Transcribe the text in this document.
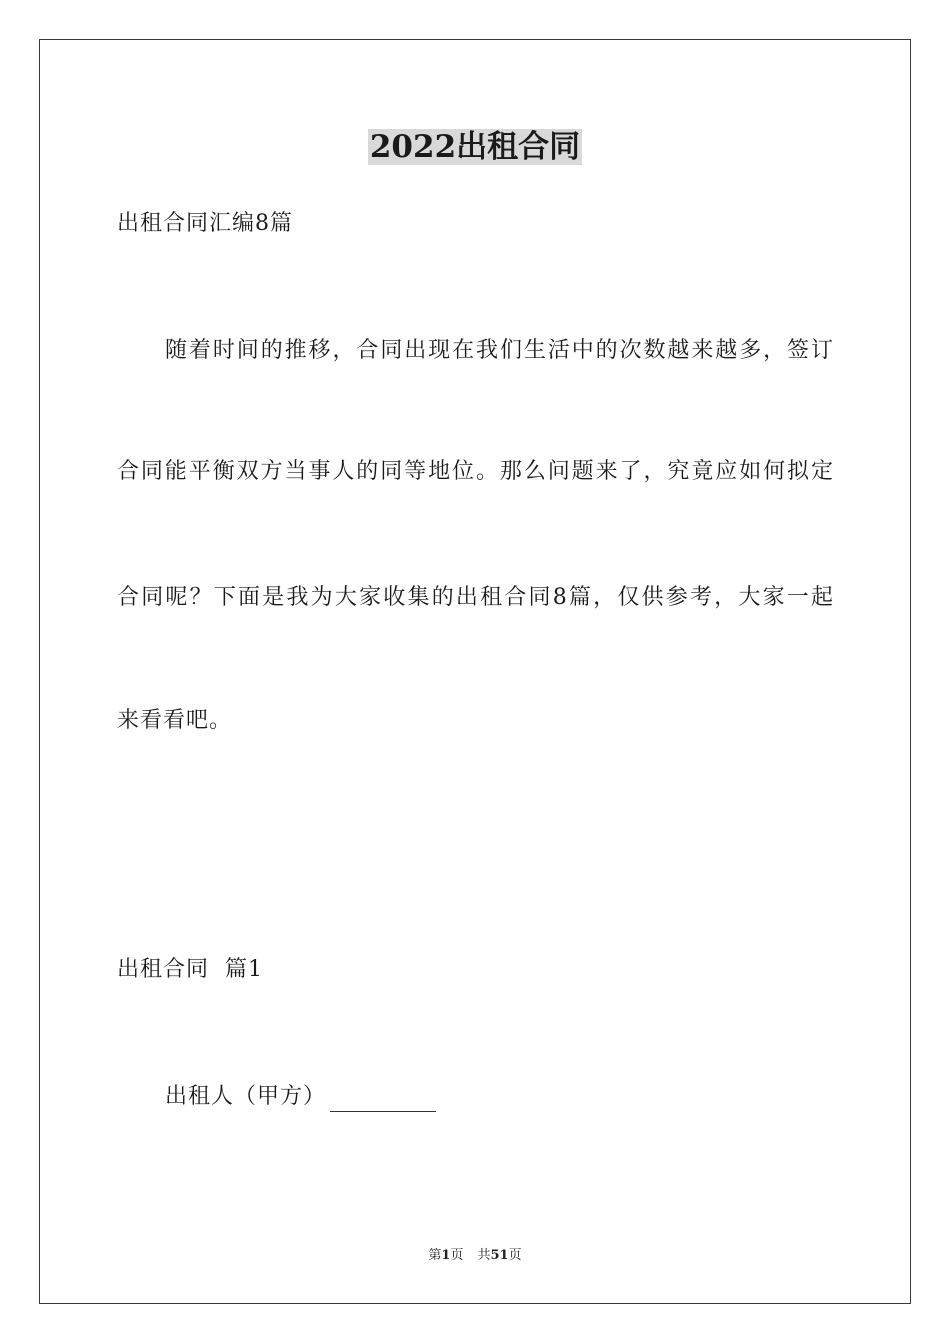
2022出租合同
出租合同汇编8篇
随着时间的推移，合同出现在我们生活中的次数越来越多，签订
合同能平衡双方当事人的同等地位。那么问题来了，究竟应如何拟定
合同呢？下面是我为大家收集的出租合同8篇，仅供参考，大家一起
来看看吧。
出租合同  篇1
出租人（甲方）
第1页 共51页
